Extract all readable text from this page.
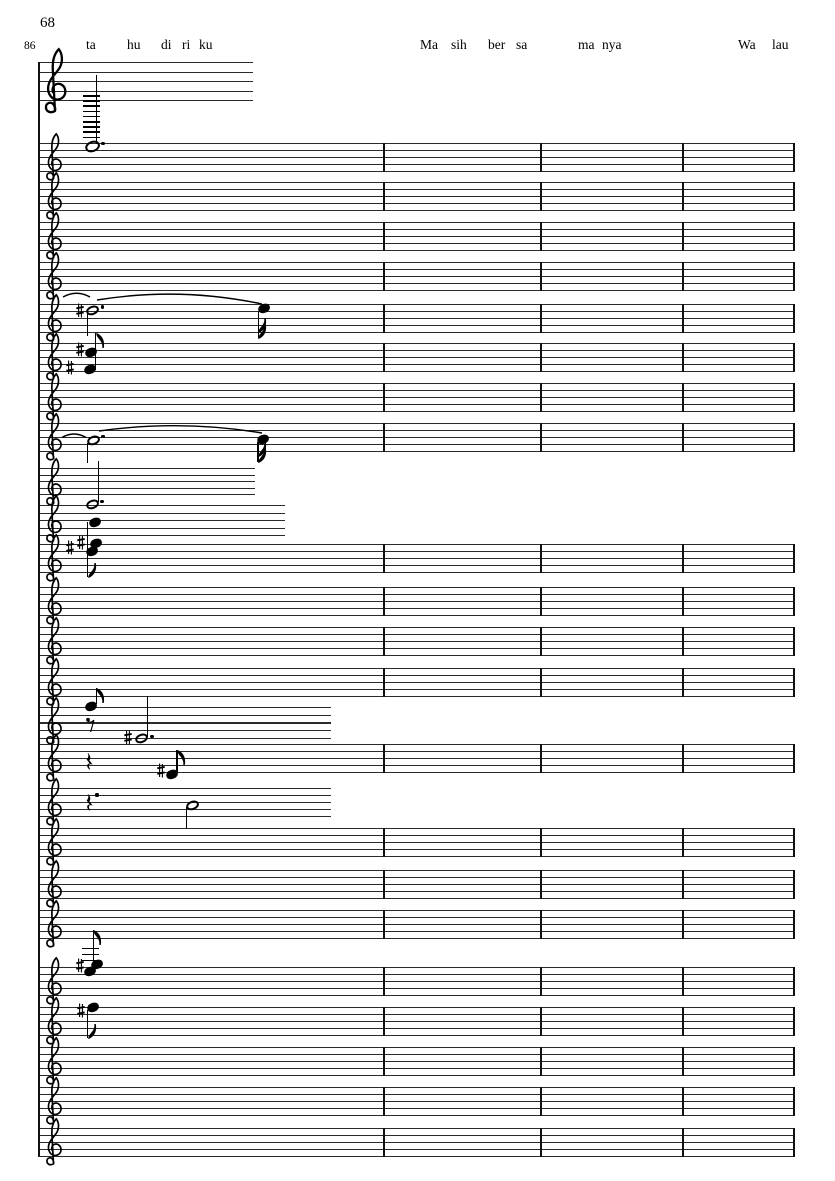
68
86	ta hu di ri ku	Ma sih ber sa	ma nya	Wa lau
